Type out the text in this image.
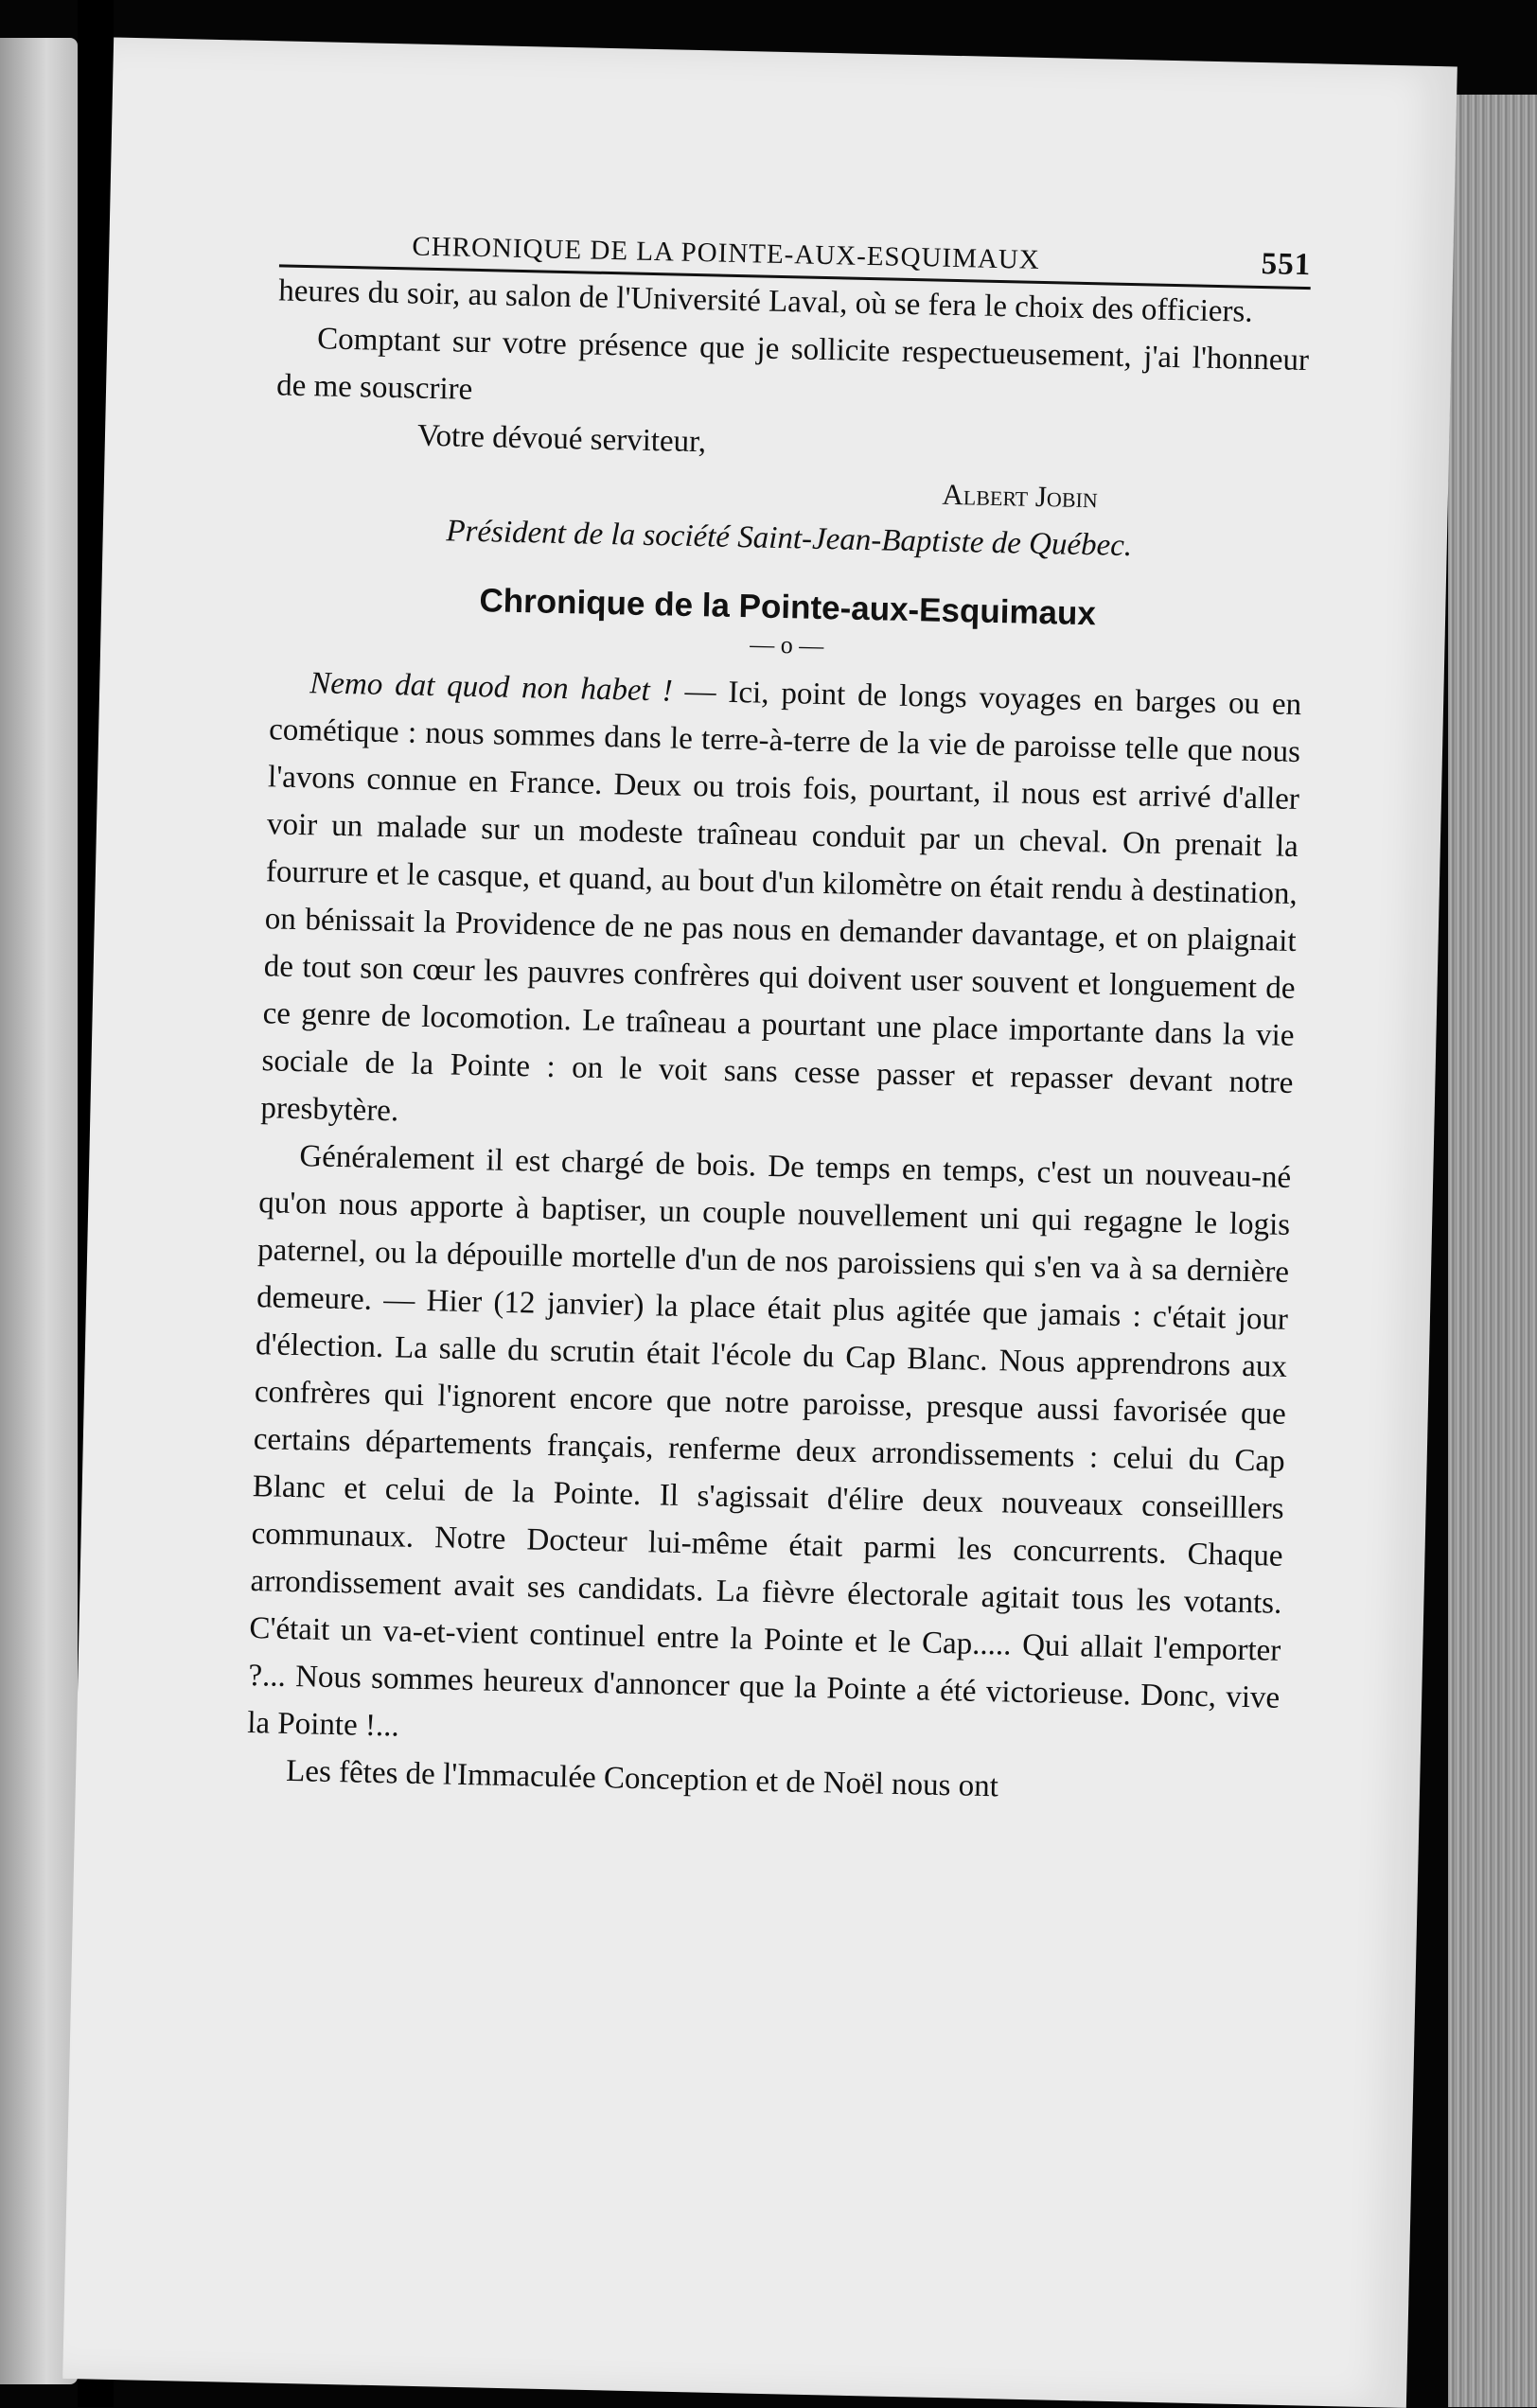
CHRONIQUE DE LA POINTE-AUX-ESQUIMAUX	551

heures du soir, au salon de l'Université Laval, où se fera le choix des officiers.

Comptant sur votre présence que je sollicite respectueusement, j'ai l'honneur de me souscrire

Votre dévoué serviteur,

Albert Jobin

Président de la société Saint-Jean-Baptiste de Québec.

Chronique de la Pointe-aux-Esquimaux
— o —

Nemo dat quod non habet ! — Ici, point de longs voyages en barges ou en cométique : nous sommes dans le terre-à-terre de la vie de paroisse telle que nous l'avons connue en France. Deux ou trois fois, pourtant, il nous est arrivé d'aller voir un malade sur un modeste traîneau conduit par un cheval. On prenait la fourrure et le casque, et quand, au bout d'un kilomètre on était rendu à destination, on bénissait la Providence de ne pas nous en demander davantage, et on plaignait de tout son cœur les pauvres confrères qui doivent user souvent et longuement de ce genre de locomotion. Le traîneau a pourtant une place importante dans la vie sociale de la Pointe : on le voit sans cesse passer et repasser devant notre presbytère.

Généralement il est chargé de bois. De temps en temps, c'est un nouveau-né qu'on nous apporte à baptiser, un couple nouvellement uni qui regagne le logis paternel, ou la dépouille mortelle d'un de nos paroissiens qui s'en va à sa dernière demeure. — Hier (12 janvier) la place était plus agitée que jamais : c'était jour d'élection. La salle du scrutin était l'école du Cap Blanc. Nous apprendrons aux confrères qui l'ignorent encore que notre paroisse, presque aussi favorisée que certains départements français, renferme deux arrondissements : celui du Cap Blanc et celui de la Pointe. Il s'agissait d'élire deux nouveaux conseilllers communaux. Notre Docteur lui-même était parmi les concurrents. Chaque arrondissement avait ses candidats. La fièvre électorale agitait tous les votants. C'était un va-et-vient continuel entre la Pointe et le Cap..... Qui allait l'emporter ?... Nous sommes heureux d'annoncer que la Pointe a été victorieuse. Donc, vive la Pointe !...

Les fêtes de l'Immaculée Conception et de Noël nous ont
